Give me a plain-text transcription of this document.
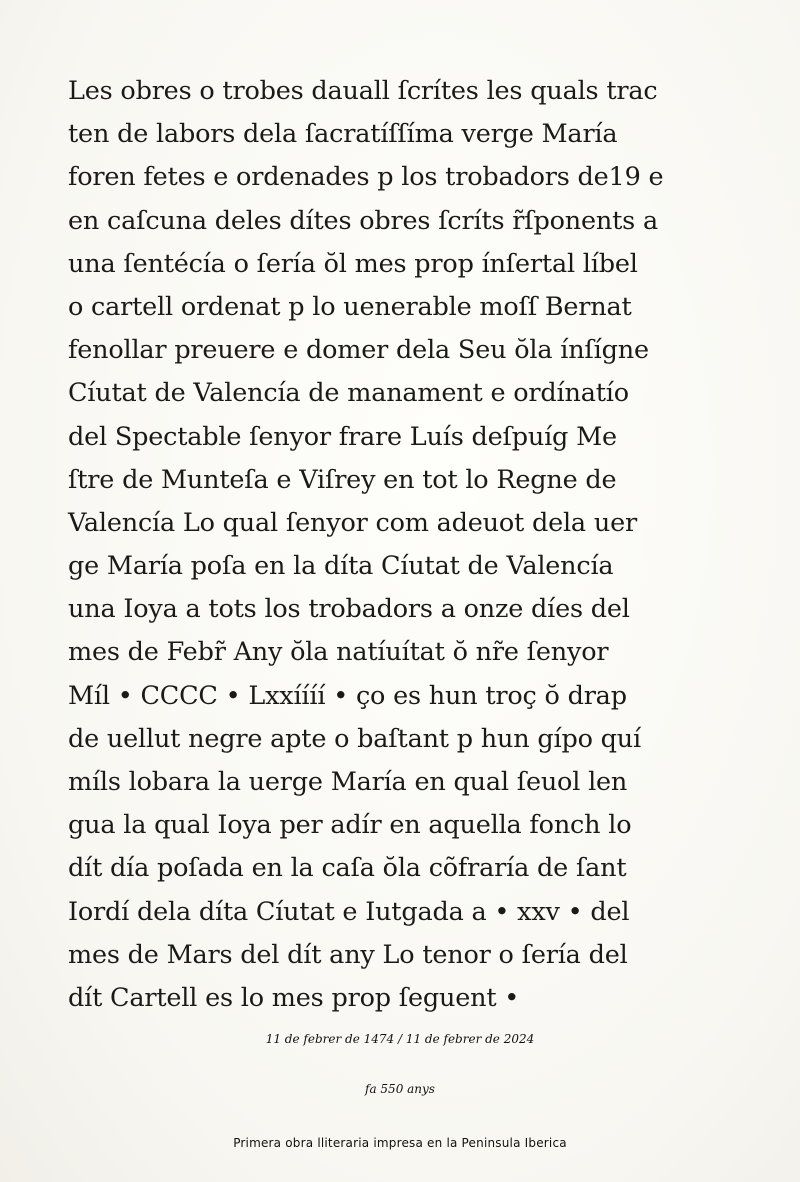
Les obres o trobes dauall ſcrítes les quals trac
ten de labors dela ſacratíſſíma verge María
foren fetes e ordenades p los trobadors de19 e
en caſcuna deles dítes obres ſcríts r̃ſponents a
una ſentécía o ſería ŏl mes prop ínſertal líbel
o cartell ordenat p lo uenerable moſſ Bernat
fenollar preuere e domer dela Seu ŏla ínſígne
Cíutat de Valencía de manament e ordínatío
del Spectable ſenyor frare Luís deſpuíg Me
ſtre de Munteſa e Viſrey en tot lo Regne de
Valencía Lo qual ſenyor com adeuot dela uer
ge María poſa en la díta Cíutat de Valencía
una Ioya a tots los trobadors a onze díes del
mes de Febr̃ Any ŏla natíuítat ŏ nr̃e ſenyor
Míl • CCCC • Lxxíííí • ço es hun troç ŏ drap
de uellut negre apte o baſtant p hun gípo quí
míls lobara la uerge María en qual ſeuol len
gua la qual Ioya per adír en aquella fonch lo
dít día poſada en la caſa ŏla cõfraría de ſant
Iordí dela díta Cíutat e Iutgada a • xxv • del
mes de Mars del dít any Lo tenor o ſería del
dít Cartell es lo mes prop ſeguent •
11 de febrer de 1474 / 11 de febrer de 2024
fa 550 anys
Primera obra lliteraria impresa en la Peninsula Iberica
